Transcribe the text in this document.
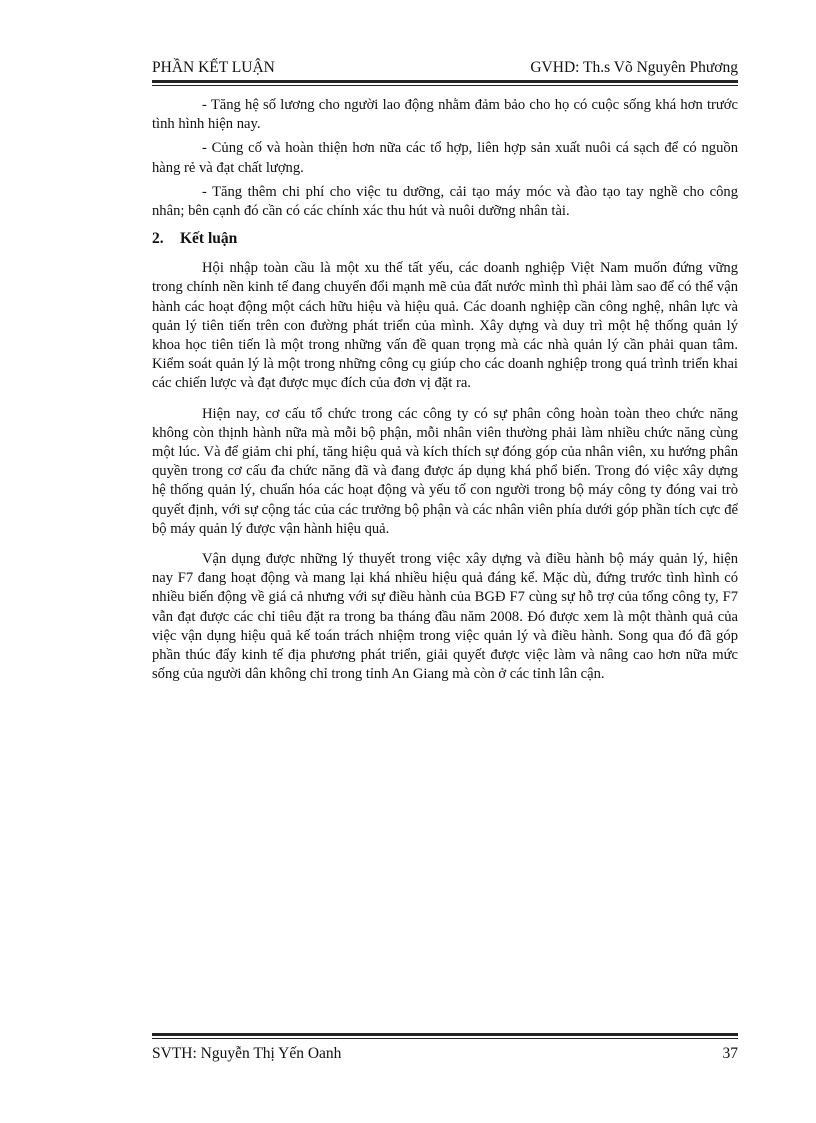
PHẦN KẾT LUẬN	GVHD: Th.s Võ Nguyên Phương

- Tăng hệ số lương cho người lao động nhằm đảm bảo cho họ có cuộc sống khá hơn trước tình hình hiện nay.

- Củng cố và hoàn thiện hơn nữa các tổ hợp, liên hợp sản xuất nuôi cá sạch để có nguồn hàng rẻ và đạt chất lượng.

- Tăng thêm chi phí cho việc tu dưỡng, cải tạo máy móc và đào tạo tay nghề cho công nhân; bên cạnh đó cần có các chính xác thu hút và nuôi dưỡng nhân tài.

2.	Kết luận

Hội nhập toàn cầu là một xu thế tất yếu, các doanh nghiệp Việt Nam muốn đứng vững trong chính nền kinh tế đang chuyển đổi mạnh mẽ của đất nước mình thì phải làm sao để có thể vận hành các hoạt động một cách hữu hiệu và hiệu quả. Các doanh nghiệp cần công nghệ, nhân lực và quản lý tiên tiến trên con đường phát triển của mình. Xây dựng và duy trì một hệ thống quản lý khoa học tiên tiến là một trong những vấn đề quan trọng mà các nhà quản lý cần phải quan tâm. Kiểm soát quản lý là một trong những công cụ giúp cho các doanh nghiệp trong quá trình triển khai các chiến lược và đạt được mục đích của đơn vị đặt ra.

Hiện nay, cơ cấu tổ chức trong các công ty có sự phân công hoàn toàn theo chức năng không còn thịnh hành nữa mà mỗi bộ phận, mỗi nhân viên thường phải làm nhiều chức năng cùng một lúc. Và để giảm chi phí, tăng hiệu quả và kích thích sự đóng góp của nhân viên, xu hướng phân quyền trong cơ cấu đa chức năng đã và đang được áp dụng khá phổ biến. Trong đó việc xây dựng hệ thống quản lý, chuẩn hóa các hoạt động và yếu tố con người trong bộ máy công ty đóng vai trò quyết định, với sự cộng tác của các trưởng bộ phận và các nhân viên phía dưới góp phần tích cực để bộ máy quản lý được vận hành hiệu quả.

Vận dụng được những lý thuyết trong việc xây dựng và điều hành bộ máy quản lý, hiện nay F7 đang hoạt động và mang lại khá nhiều hiệu quả đáng kể. Mặc dù, đứng trước tình hình có nhiều biến động về giá cả nhưng với sự điều hành của BGĐ F7 cùng sự hỗ trợ của tổng công ty, F7 vẫn đạt được các chỉ tiêu đặt ra trong ba tháng đầu năm 2008. Đó được xem là một thành quả của việc vận dụng hiệu quả kế toán trách nhiệm trong việc quản lý và điều hành. Song qua đó đã góp phần thúc đẩy kinh tế địa phương phát triển, giải quyết được việc làm và nâng cao hơn nữa mức sống của người dân không chỉ trong tỉnh An Giang mà còn ở các tỉnh lân cận.

SVTH: Nguyễn Thị Yến Oanh	37
